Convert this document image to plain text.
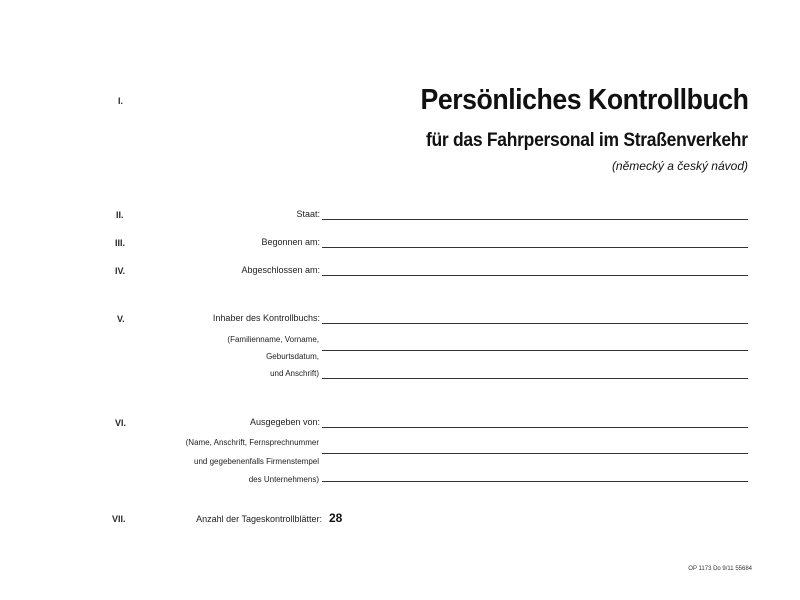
I.
II.
III.
IV.
V.
VI.
VII.
Persönliches Kontrollbuch
für das Fahrpersonal im Straßenverkehr
(německý a český návod)
Staat:
Begonnen am:
Abgeschlossen am:
Inhaber des Kontrollbuchs:
(Familienname, Vorname,
Geburtsdatum,
und Anschrift)
Ausgegeben von:
(Name, Anschrift, Fernsprechnummer
und gegebenenfalls Firmenstempel
des Unternehmens)
Anzahl der Tageskontrollblätter: 28
OP 1173 Do 9/11 55684
